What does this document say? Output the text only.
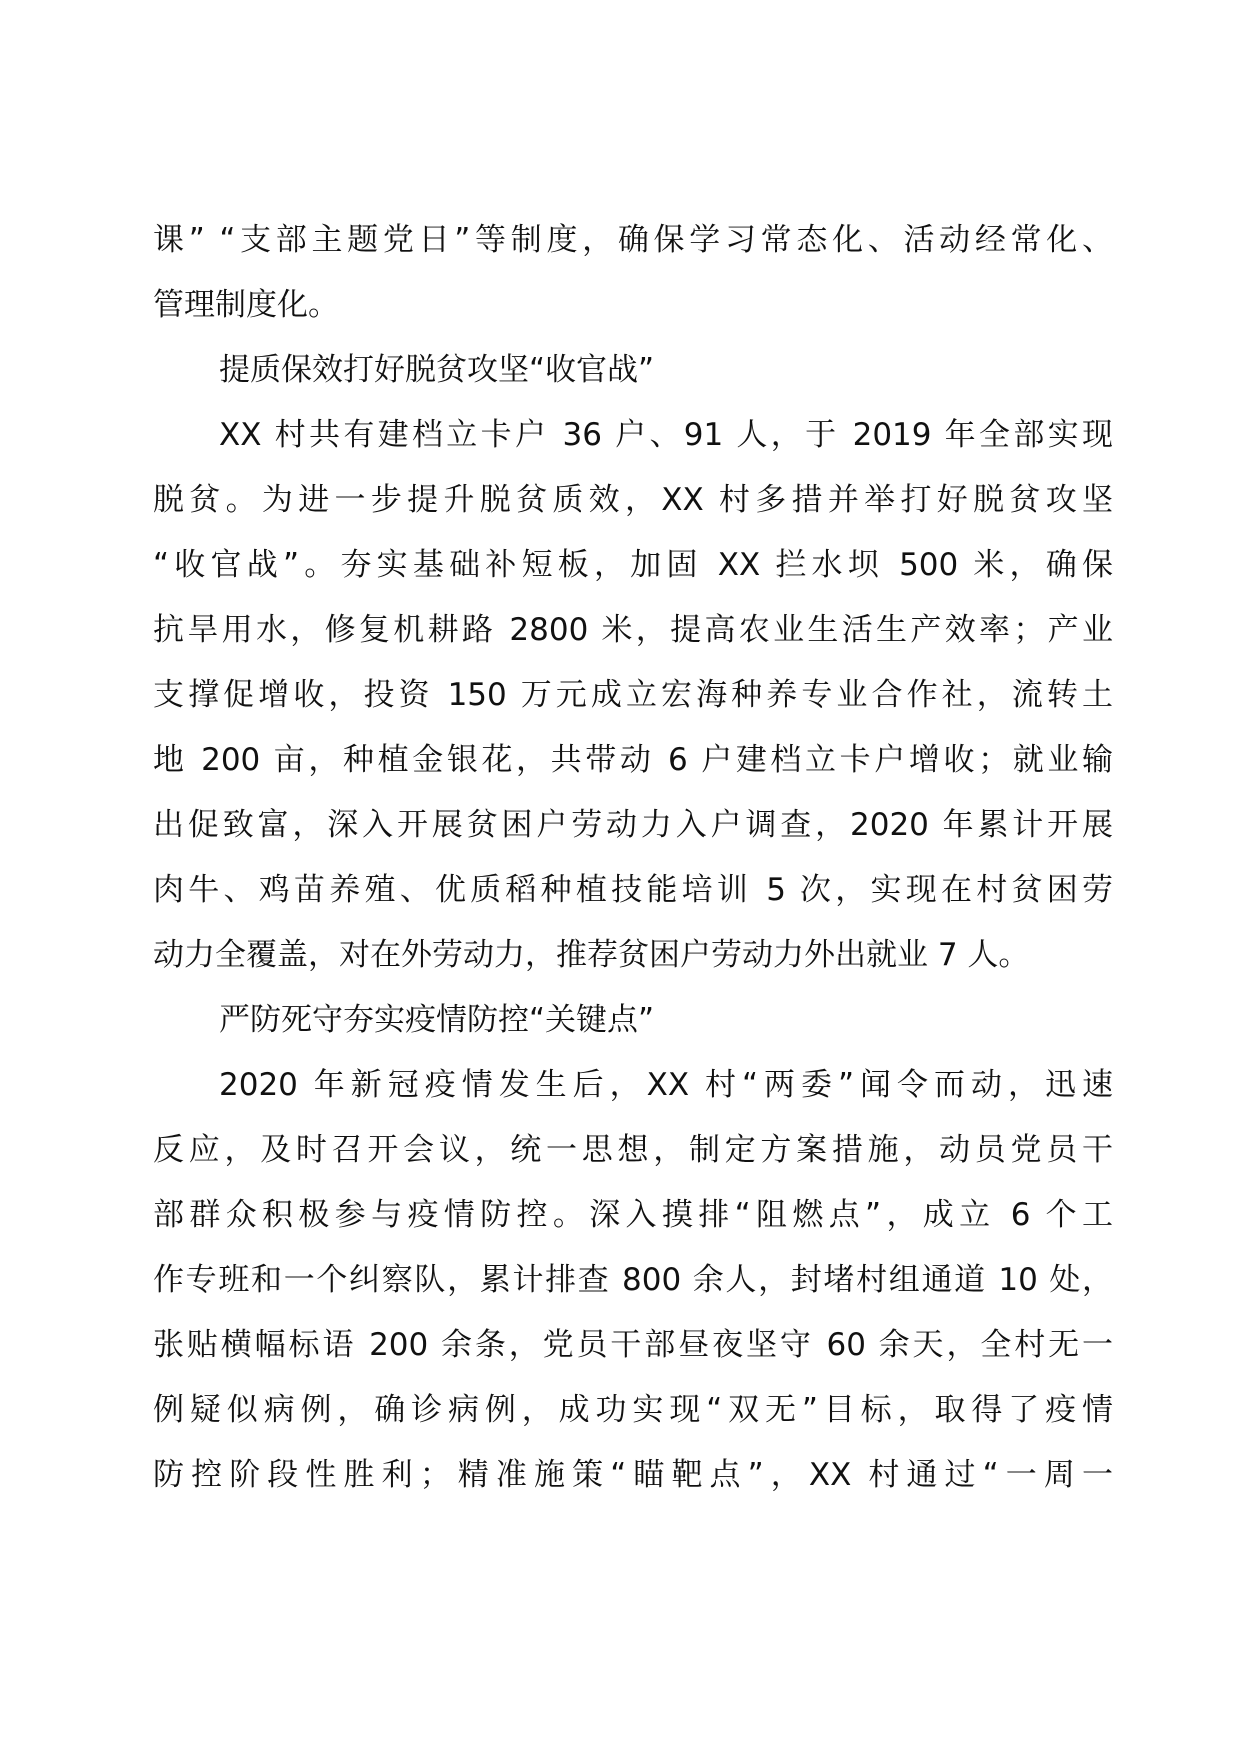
课” “支部主题党日”等制度，确保学习常态化、活动经常化、
管理制度化。
提质保效打好脱贫攻坚“收官战”
XX 村共有建档立卡户 36 户、91 人，于 2019 年全部实现
脱贫。为进一步提升脱贫质效，XX 村多措并举打好脱贫攻坚
“收官战”。夯实基础补短板，加固 XX 拦水坝 500 米，确保
抗旱用水，修复机耕路 2800 米，提高农业生活生产效率；产业
支撑促增收，投资 150 万元成立宏海种养专业合作社，流转土
地 200 亩，种植金银花，共带动 6 户建档立卡户增收；就业输
出促致富，深入开展贫困户劳动力入户调查，2020 年累计开展
肉牛、鸡苗养殖、优质稻种植技能培训 5 次，实现在村贫困劳
动力全覆盖，对在外劳动力，推荐贫困户劳动力外出就业 7 人。
严防死守夯实疫情防控“关键点”
2020 年新冠疫情发生后，XX 村“两委”闻令而动，迅速
反应，及时召开会议，统一思想，制定方案措施，动员党员干
部群众积极参与疫情防控。深入摸排“阻燃点”，成立 6 个工
作专班和一个纠察队，累计排查 800 余人，封堵村组通道 10 处，
张贴横幅标语 200 余条，党员干部昼夜坚守 60 余天，全村无一
例疑似病例，确诊病例，成功实现“双无”目标，取得了疫情
防控阶段性胜利；精准施策“瞄靶点”，XX 村通过“一周一
